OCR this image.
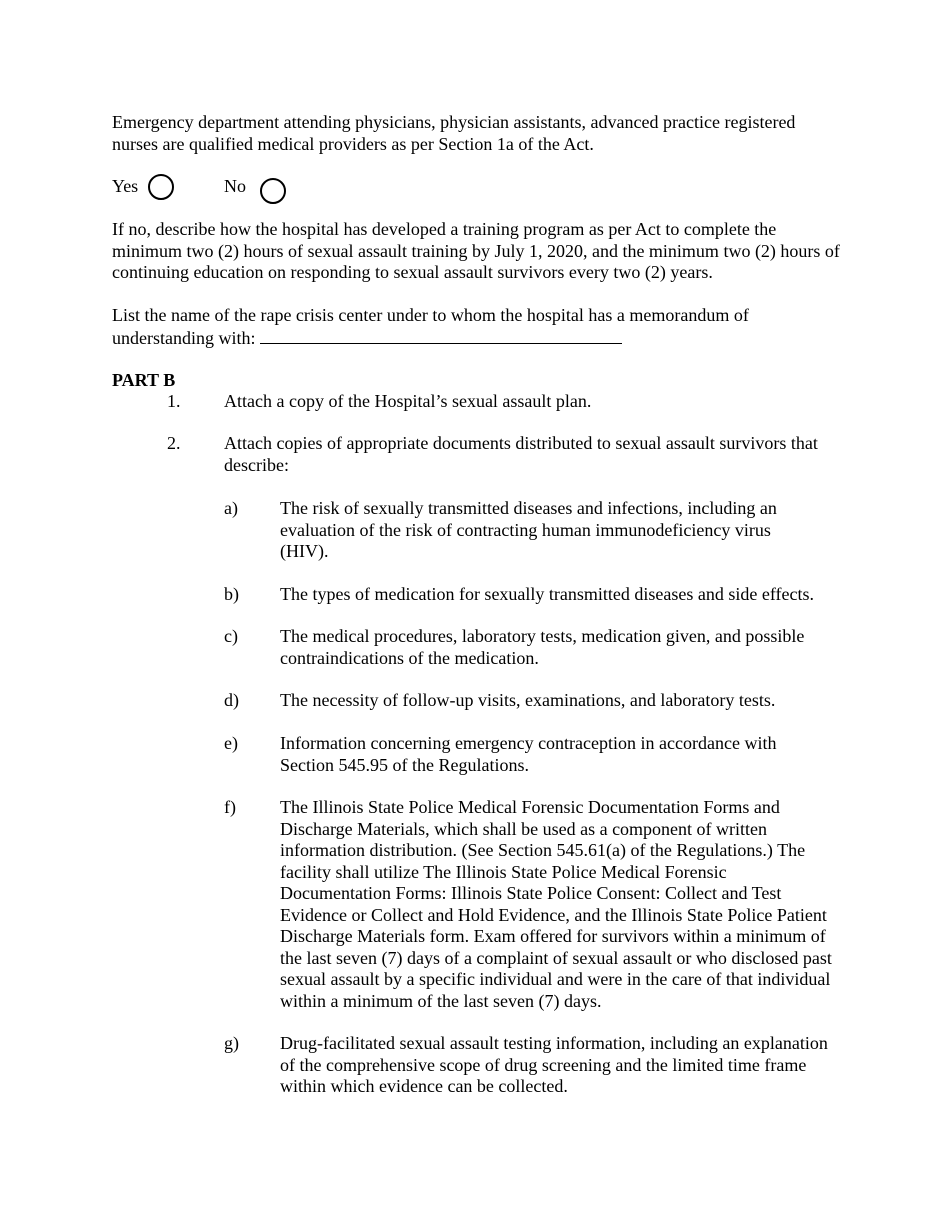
Emergency department attending physicians, physician assistants, advanced practice registered nurses are qualified medical providers as per Section 1a of the Act.

Yes	No

If no, describe how the hospital has developed a training program as per Act to complete the minimum two (2) hours of sexual assault training by July 1, 2020, and the minimum two (2) hours of continuing education on responding to sexual assault survivors every two (2) years.

List the name of the rape crisis center under to whom the hospital has a memorandum of understanding with:

PART B

1. Attach a copy of the Hospital’s sexual assault plan.
2. Attach copies of appropriate documents distributed to sexual assault survivors that describe:
a) The risk of sexually transmitted diseases and infections, including an evaluation of the risk of contracting human immunodeficiency virus (HIV).
b) The types of medication for sexually transmitted diseases and side effects.
c) The medical procedures, laboratory tests, medication given, and possible contraindications of the medication.
d) The necessity of follow-up visits, examinations, and laboratory tests.
e) Information concerning emergency contraception in accordance with Section 545.95 of the Regulations.
f) The Illinois State Police Medical Forensic Documentation Forms and Discharge Materials, which shall be used as a component of written information distribution. (See Section 545.61(a) of the Regulations.) The facility shall utilize The Illinois State Police Medical Forensic Documentation Forms: Illinois State Police Consent: Collect and Test Evidence or Collect and Hold Evidence, and the Illinois State Police Patient Discharge Materials form. Exam offered for survivors within a minimum of the last seven (7) days of a complaint of sexual assault or who disclosed past sexual assault by a specific individual and were in the care of that individual within a minimum of the last seven (7) days.
g) Drug-facilitated sexual assault testing information, including an explanation of the comprehensive scope of drug screening and the limited time frame within which evidence can be collected.
